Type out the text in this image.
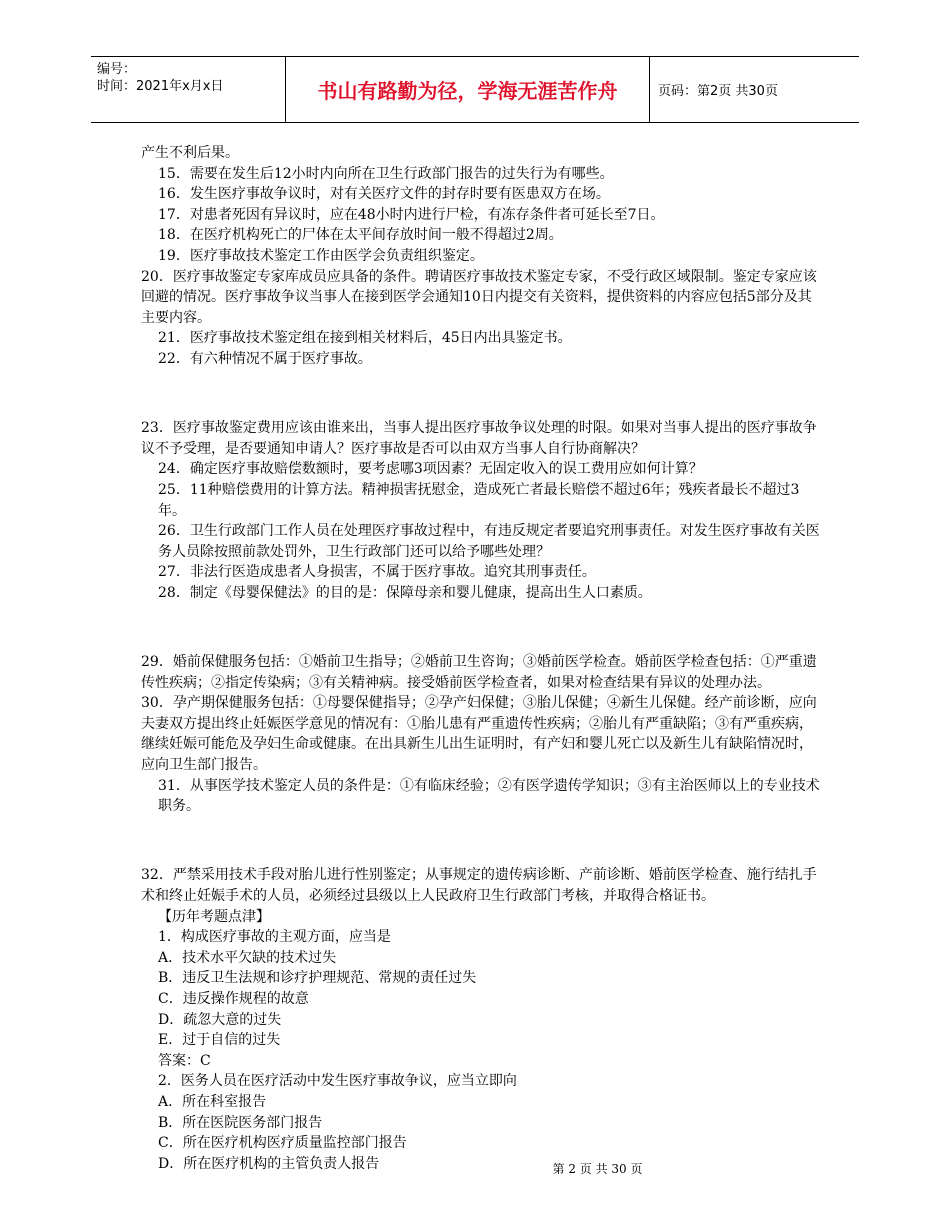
编号：
时间：2021年x月x日	书山有路勤为径，学海无涯苦作舟	页码：第2页 共30页

产生不利后果。

15．需要在发生后12小时内向所在卫生行政部门报告的过失行为有哪些。

16．发生医疗事故争议时，对有关医疗文件的封存时要有医患双方在场。

17．对患者死因有异议时，应在48小时内进行尸检，有冻存条件者可延长至7日。

18．在医疗机构死亡的尸体在太平间存放时间一般不得超过2周。

19．医疗事故技术鉴定工作由医学会负责组织鉴定。

20．医疗事故鉴定专家库成员应具备的条件。聘请医疗事故技术鉴定专家，不受行政区域限制。鉴定专家应该回避的情况。医疗事故争议当事人在接到医学会通知10日内提交有关资料，提供资料的内容应包括5部分及其主要内容。

21．医疗事故技术鉴定组在接到相关材料后，45日内出具鉴定书。

22．有六种情况不属于医疗事故。

23．医疗事故鉴定费用应该由谁来出，当事人提出医疗事故争议处理的时限。如果对当事人提出的医疗事故争议不予受理，是否要通知申请人？医疗事故是否可以由双方当事人自行协商解决？

24．确定医疗事故赔偿数额时，要考虑哪3项因素？无固定收入的误工费用应如何计算？

25．11种赔偿费用的计算方法。精神损害抚慰金，造成死亡者最长赔偿不超过6年；残疾者最长不超过3年。

26．卫生行政部门工作人员在处理医疗事故过程中，有违反规定者要追究刑事责任。对发生医疗事故有关医务人员除按照前款处罚外，卫生行政部门还可以给予哪些处理？

27．非法行医造成患者人身损害，不属于医疗事故。追究其刑事责任。

28．制定《母婴保健法》的目的是：保障母亲和婴儿健康，提高出生人口素质。

29．婚前保健服务包括：①婚前卫生指导；②婚前卫生咨询；③婚前医学检查。婚前医学检查包括：①严重遗传性疾病；②指定传染病；③有关精神病。接受婚前医学检查者，如果对检查结果有异议的处理办法。

30．孕产期保健服务包括：①母婴保健指导；②孕产妇保健；③胎儿保健；④新生儿保健。经产前诊断，应向夫妻双方提出终止妊娠医学意见的情况有：①胎儿患有严重遗传性疾病；②胎儿有严重缺陷；③有严重疾病，继续妊娠可能危及孕妇生命或健康。在出具新生儿出生证明时，有产妇和婴儿死亡以及新生儿有缺陷情况时，应向卫生部门报告。

31．从事医学技术鉴定人员的条件是：①有临床经验；②有医学遗传学知识；③有主治医师以上的专业技术职务。

32．严禁采用技术手段对胎儿进行性别鉴定；从事规定的遗传病诊断、产前诊断、婚前医学检查、施行结扎手术和终止妊娠手术的人员，必须经过县级以上人民政府卫生行政部门考核，并取得合格证书。

【历年考题点津】

1．构成医疗事故的主观方面，应当是

A．技术水平欠缺的技术过失

B．违反卫生法规和诊疗护理规范、常规的责任过失

C．违反操作规程的故意

D．疏忽大意的过失

E．过于自信的过失

答案：C

2．医务人员在医疗活动中发生医疗事故争议，应当立即向

A．所在科室报告

B．所在医院医务部门报告

C．所在医疗机构医疗质量监控部门报告

D．所在医疗机构的主管负责人报告	第 2 页 共 30 页
